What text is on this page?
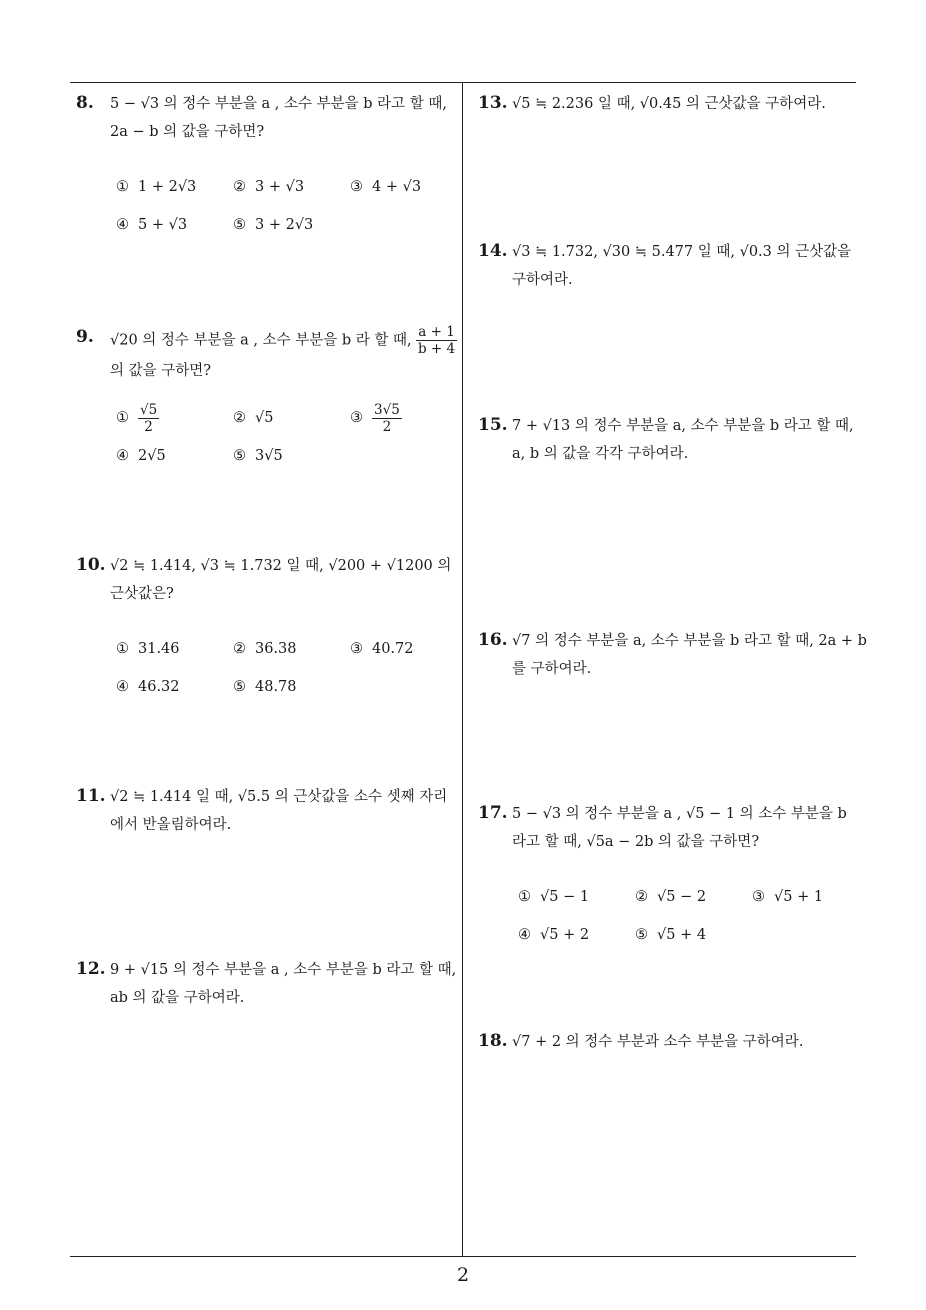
8. 5 − √3 의 정수 부분을 a , 소수 부분을 b 라고 할 때,
2a − b 의 값을 구하면?
① 1 + 2√3	② 3 + √3	③ 4 + √3
④ 5 + √3	⑤ 3 + 2√3
9. √20 의 정수 부분을 a , 소수 부분을 b 라 할 때, $\frac{a + 1}{b + 4}$
의 값을 구하면?
① $\frac{√5}{2}$	② √5	③ $\frac{3√5}{2}$
④ 2√5	⑤ 3√5
10. √2 ≒ 1.414, √3 ≒ 1.732 일 때, √200 + √1200 의
근삿값은?
① 31.46	② 36.38	③ 40.72
④ 46.32	⑤ 48.78
11. √2 ≒ 1.414 일 때, √5.5 의 근삿값을 소수 셋째 자리
에서 반올림하여라.
12. 9 + √15 의 정수 부분을 a , 소수 부분을 b 라고 할 때,
ab 의 값을 구하여라.
13. √5 ≒ 2.236 일 때, √0.45 의 근삿값을 구하여라.
14. √3 ≒ 1.732, √30 ≒ 5.477 일 때, √0.3 의 근삿값을
구하여라.
15. 7 + √13 의 정수 부분을 a, 소수 부분을 b 라고 할 때,
a, b 의 값을 각각 구하여라.
16. √7 의 정수 부분을 a, 소수 부분을 b 라고 할 때, 2a + b
를 구하여라.
17. 5 − √3 의 정수 부분을 a , √5 − 1 의 소수 부분을 b
라고 할 때, √5a − 2b 의 값을 구하면?
① √5 − 1	② √5 − 2	③ √5 + 1
④ √5 + 2	⑤ √5 + 4
18. √7 + 2 의 정수 부분과 소수 부분을 구하여라.
2
